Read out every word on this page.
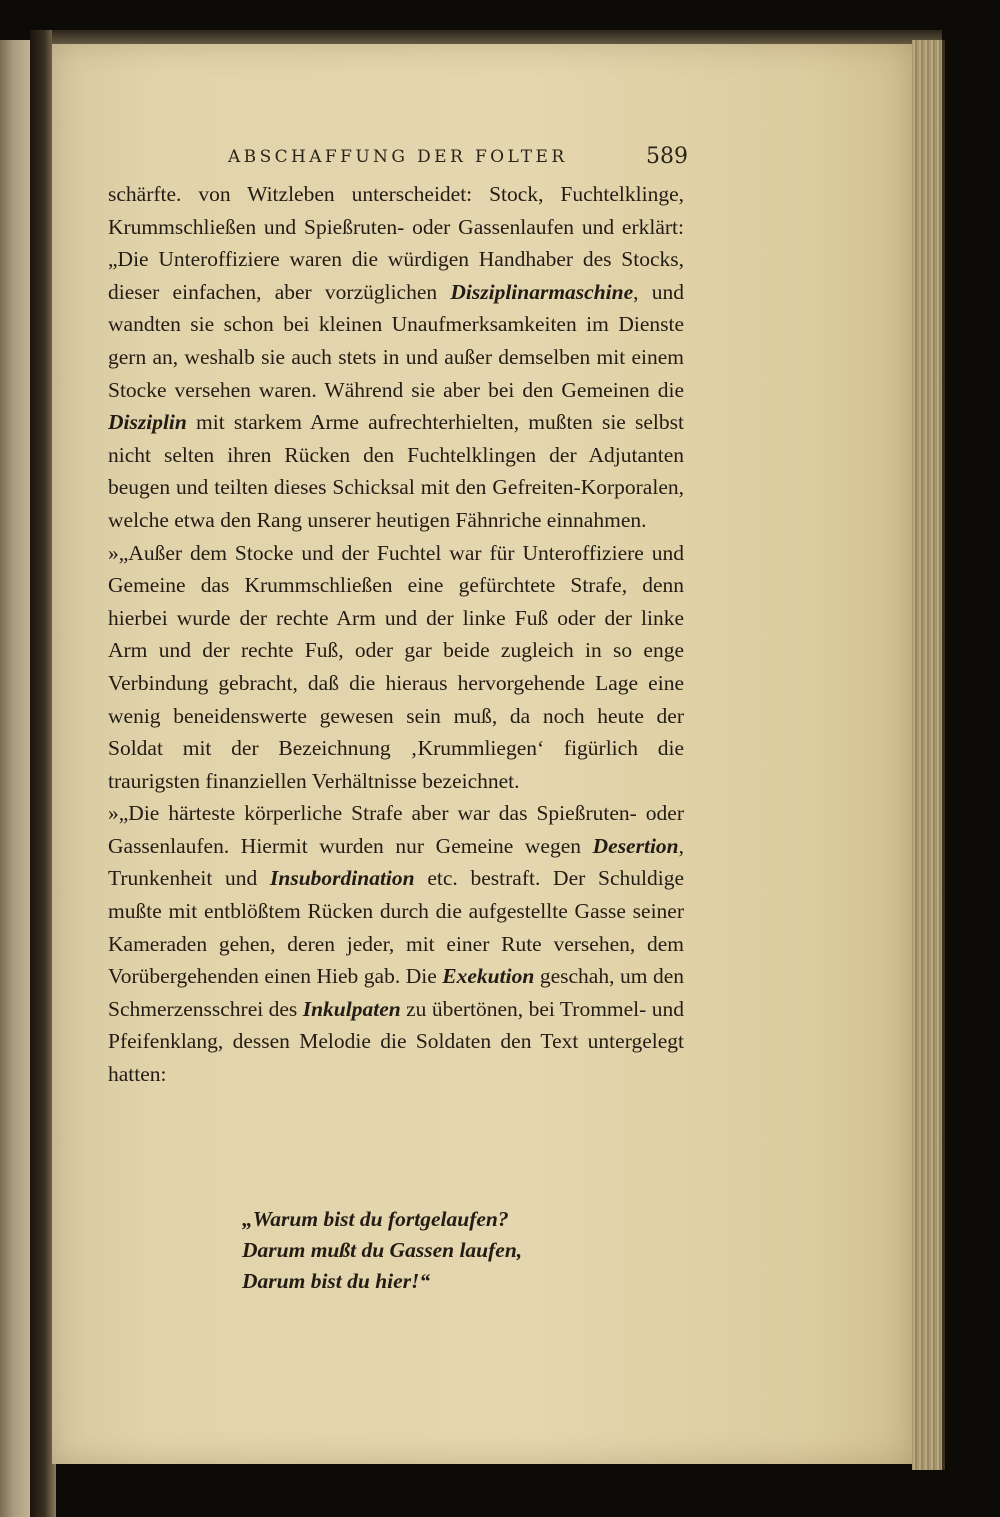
ABSCHAFFUNG DER FOLTER	589

schärfte. von Witzleben unterscheidet: Stock, Fuchtelklinge, Krummschließen und Spießruten- oder Gassenlaufen und erklärt: „Die Unteroffiziere waren die würdigen Handhaber des Stocks, dieser einfachen, aber vorzüglichen Disziplinarmaschine, und wandten sie schon bei kleinen Unaufmerksamkeiten im Dienste gern an, weshalb sie auch stets in und außer demselben mit einem Stocke versehen waren. Während sie aber bei den Gemeinen die Disziplin mit starkem Arme aufrechterhielten, mußten sie selbst nicht selten ihren Rücken den Fuchtelklingen der Adjutanten beugen und teilten dieses Schicksal mit den Gefreiten-Korporalen, welche etwa den Rang unserer heutigen Fähnriche einnahmen.

»„Außer dem Stocke und der Fuchtel war für Unteroffiziere und Gemeine das Krummschließen eine gefürchtete Strafe, denn hierbei wurde der rechte Arm und der linke Fuß oder der linke Arm und der rechte Fuß, oder gar beide zugleich in so enge Verbindung gebracht, daß die hieraus hervorgehende Lage eine wenig beneidenswerte gewesen sein muß, da noch heute der Soldat mit der Bezeichnung ‚Krummliegen‘ figürlich die traurigsten finanziellen Verhältnisse bezeichnet.

»„Die härteste körperliche Strafe aber war das Spießruten- oder Gassenlaufen. Hiermit wurden nur Gemeine wegen Desertion, Trunkenheit und Insubordination etc. bestraft. Der Schuldige mußte mit entblößtem Rücken durch die aufgestellte Gasse seiner Kameraden gehen, deren jeder, mit einer Rute versehen, dem Vorübergehenden einen Hieb gab. Die Exekution geschah, um den Schmerzensschrei des Inkulpaten zu übertönen, bei Trommel- und Pfeifenklang, dessen Melodie die Soldaten den Text untergelegt hatten:

„Warum bist du fortgelaufen?
Darum mußt du Gassen laufen,
Darum bist du hier!“
